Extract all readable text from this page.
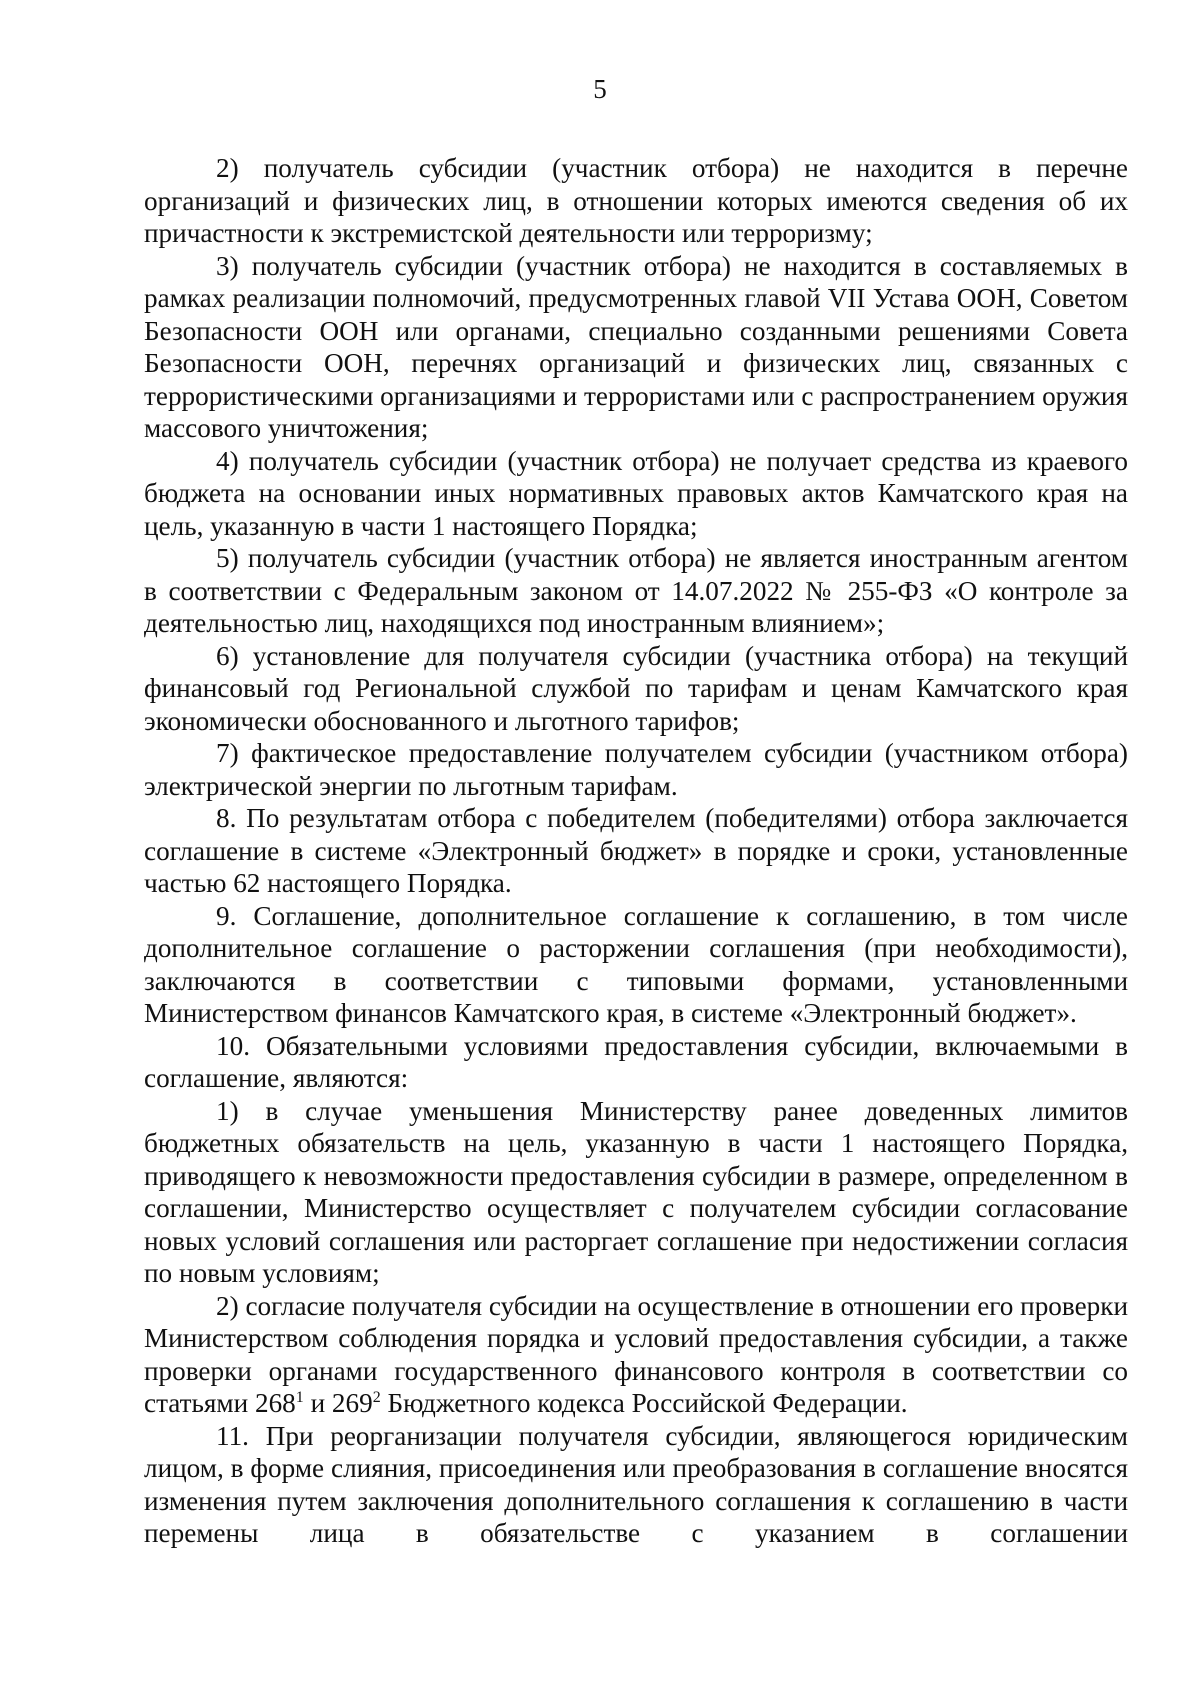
5

2) получатель субсидии (участник отбора) не находится в перечне организаций и физических лиц, в отношении которых имеются сведения об их причастности к экстремистской деятельности или терроризму;

3) получатель субсидии (участник отбора) не находится в составляемых в рамках реализации полномочий, предусмотренных главой VII Устава ООН, Советом Безопасности ООН или органами, специально созданными решениями Совета Безопасности ООН, перечнях организаций и физических лиц, связанных с террористическими организациями и террористами или с распространением оружия массового уничтожения;

4) получатель субсидии (участник отбора) не получает средства из краевого бюджета на основании иных нормативных правовых актов Камчатского края на цель, указанную в части 1 настоящего Порядка;

5) получатель субсидии (участник отбора) не является иностранным агентом в соответствии с Федеральным законом от 14.07.2022 № 255-ФЗ «О контроле за деятельностью лиц, находящихся под иностранным влиянием»;

6) установление для получателя субсидии (участника отбора) на текущий финансовый год Региональной службой по тарифам и ценам Камчатского края экономически обоснованного и льготного тарифов;

7) фактическое предоставление получателем субсидии (участником отбора) электрической энергии по льготным тарифам.

8. По результатам отбора с победителем (победителями) отбора заключается соглашение в системе «Электронный бюджет» в порядке и сроки, установленные частью 62 настоящего Порядка.

9. Соглашение, дополнительное соглашение к соглашению, в том числе дополнительное соглашение о расторжении соглашения (при необходимости), заключаются в соответствии с типовыми формами, установленными Министерством финансов Камчатского края, в системе «Электронный бюджет».

10. Обязательными условиями предоставления субсидии, включаемыми в соглашение, являются:

1) в случае уменьшения Министерству ранее доведенных лимитов бюджетных обязательств на цель, указанную в части 1 настоящего Порядка, приводящего к невозможности предоставления субсидии в размере, определенном в соглашении, Министерство осуществляет с получателем субсидии согласование новых условий соглашения или расторгает соглашение при недостижении согласия по новым условиям;

2) согласие получателя субсидии на осуществление в отношении его проверки Министерством соблюдения порядка и условий предоставления субсидии, а также проверки органами государственного финансового контроля в соответствии со статьями $268^1$ и $269^2$ Бюджетного кодекса Российской Федерации.

11. При реорганизации получателя субсидии, являющегося юридическим лицом, в форме слияния, присоединения или преобразования в соглашение вносятся изменения путем заключения дополнительного соглашения к соглашению в части перемены лица в обязательстве с указанием в соглашении
